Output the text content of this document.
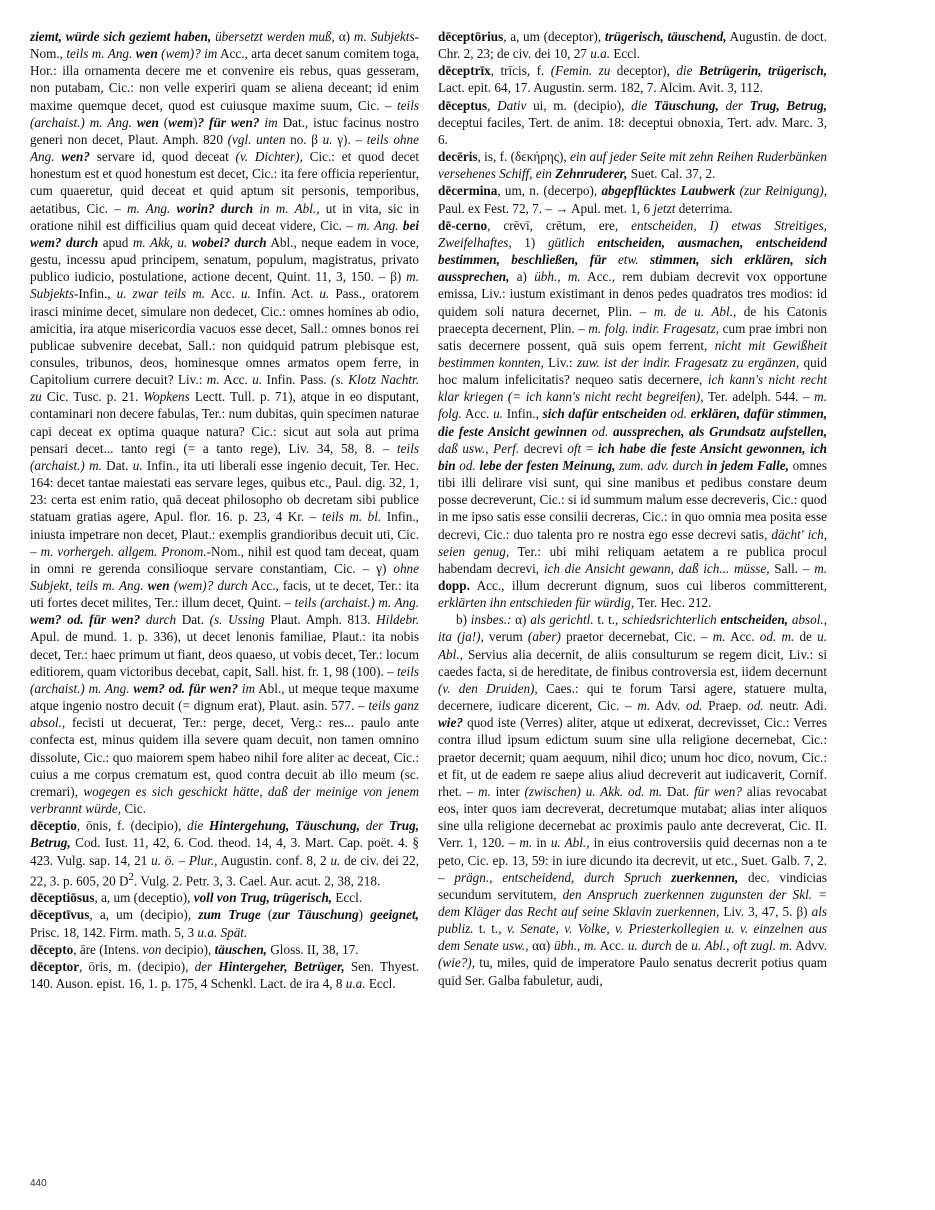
ziemt, würde sich geziemt haben, übersetzt werden muß, α) m. Subjekts-Nom., teils m. Ang. wen (wem)? im Acc., arta decet sanum comitem toga, Hor.: illa ornamenta decere me et convenire eis rebus, quas gesseram, non putabam, Cic.: non velle experiri quam se aliena deceant; id enim maxime quemque decet, quod est cuiusque maxime suum, Cic. – teils (archaist.) m. Ang. wen (wem)? für wen? im Dat., istuc facinus nostro generi non decet, Plaut. Amph. 820 (vgl. unten no. β u. γ). – teils ohne Ang. wen? servare id, quod deceat (v. Dichter), Cic.: et quod decet honestum est et quod honestum est decet, Cic.: ita fere officia reperientur, cum quaeretur, quid deceat et quid aptum sit personis, temporibus, aetatibus, Cic. – m. Ang. worin? durch in m. Abl., ut in vita, sic in oratione nihil est difficilius quam quid deceat videre, Cic. – m. Ang. bei wem? durch apud m. Akk, u. wobei? durch Abl., neque eadem in voce, gestu, incessu apud principem, senatum, populum, magistratus, privato publico iudicio, postulatione, actione decent, Quint. 11, 3, 150. – β) m. Subjekts-Infin., u. zwar teils m. Acc. u. Infin. Act. u. Pass., oratorem irasci minime decet, simulare non dedecet, Cic.: omnes homines ab odio, amicitia, ira atque misericordia vacuos esse decet, Sall.: omnes bonos rei publicae subvenire decebat, Sall.: non quidquid patrum plebisque est, consules, tribunos, deos, hominesque omnes armatos opem ferre, in Capitolium currere decuit? Liv.: m. Acc. u. Infin. Pass. (s. Klotz Nachtr. zu Cic. Tusc. p. 21. Wopkens Lectt. Tull. p. 71), atque in eo disputant, contaminari non decere fabulas, Ter.: num dubitas, quin specimen naturae capi deceat ex optima quaque natura? Cic.: sicut aut sola aut prima pensari decet... tanto regi (= a tanto rege), Liv. 34, 58, 8. – teils (archaist.) m. Dat. u. Infin., ita uti liberali esse ingenio decuit, Ter. Hec. 164: decet tantae maiestati eas servare leges, quibus etc., Paul. dig. 32, 1, 23: certa est enim ratio, quā deceat philosopho ob decretam sibi publice statuam gratias agere, Apul. flor. 16. p. 23, 4 Kr. – teils m. bl. Infin., iniusta impetrare non decet, Plaut.: exemplis grandioribus decuit uti, Cic. – m. vorhergeh. allgem. Pronom.-Nom., nihil est quod tam deceat, quam in omni re gerenda consilioque servare constantiam, Cic. – γ) ohne Subjekt, teils m. Ang. wen (wem)? durch Acc., facis, ut te decet, Ter.: ita uti fortes decet milites, Ter.: illum decet, Quint. – teils (archaist.) m. Ang. wem? od. für wen? durch Dat. (s. Ussing Plaut. Amph. 813. Hildebr. Apul. de mund. 1. p. 336), ut decet lenonis familiae, Plaut.: ita nobis decet, Ter.: haec primum ut fiant, deos quaeso, ut vobis decet, Ter.: locum editiorem, quam victoribus decebat, capit, Sall. hist. fr. 1, 98 (100). – teils (archaist.) m. Ang. wem? od. für wen? im Abl., ut meque teque maxume atque ingenio nostro decuit (= dignum erat), Plaut. asin. 577. – teils ganz absol., fecisti ut decuerat, Ter.: perge, decet, Verg.: res... paulo ante confecta est, minus quidem illa severe quam decuit, non tamen omnino dissolute, Cic.: quo maiorem spem habeo nihil fore aliter ac deceat, Cic.: cuius a me corpus crematum est, quod contra decuit ab illo meum (sc. cremari), wogegen es sich geschickt hätte, daß der meinige von jenem verbrannt würde, Cic.

dēceptio, ōnis, f. (decipio), die Hintergehung, Täuschung, der Trug, Betrug, Cod. Iust. 11, 42, 6. Cod. theod. 14, 4, 3. Mart. Cap. poët. 4. § 423. Vulg. sap. 14, 21 u. ö. – Plur., Augustin. conf. 8, 2 u. de civ. dei 22, 22, 3. p. 605, 20 $D^2$. Vulg. 2. Petr. 3, 3. Cael. Aur. acut. 2, 38, 218.

dēceptiōsus, a, um (deceptio), voll von Trug, trügerisch, Eccl.

dēceptīvus, a, um (decipio), zum Truge (zur Täuschung) geeignet, Prisc. 18, 142. Firm. math. 5, 3 u.a. Spät.

dēcepto, āre (Intens. von decipio), täuschen, Gloss. II, 38, 17.

dēceptor, ōris, m. (decipio), der Hintergeher, Betrüger, Sen. Thyest. 140. Auson. epist. 16, 1. p. 175, 4 Schenkl. Lact. de ira 4, 8 u.a. Eccl.

dēceptōrius, a, um (deceptor), trügerisch, täuschend, Augustin. de doct. Chr. 2, 23; de civ. dei 10, 27 u.a. Eccl.

dēceptrīx, trīcis, f. (Femin. zu deceptor), die Betrügerin, trügerisch, Lact. epit. 64, 17. Augustin. serm. 182, 7. Alcim. Avit. 3, 112.

dēceptus, Dativ ui, m. (decipio), die Täuschung, der Trug, Betrug, deceptui faciles, Tert. de anim. 18: deceptui obnoxia, Tert. adv. Marc. 3, 6.

decēris, is, f. (δεκήρης), ein auf jeder Seite mit zehn Reihen Ruderbänken versehenes Schiff, ein Zehnruderer, Suet. Cal. 37, 2.

dēcermina, um, n. (decerpo), abgepflücktes Laubwerk (zur Reinigung), Paul. ex Fest. 72, 7. – → Apul. met. 1, 6 jetzt deterrima.

dē-cerno, crēvī, crētum, ere, entscheiden, I) etwas Streitiges, Zweifelhaftes, 1) gütlich entscheiden, ausmachen, entscheidend bestimmen, beschließen, für etw. stimmen, sich erklären, sich aussprechen, a) übh., m. Acc., rem dubiam decrevit vox opportune emissa, Liv.: iustum existimant in denos pedes quadratos tres modios: id quidem soli natura decernet, Plin. – m. de u. Abl., de his Catonis praecepta decernent, Plin. – m. folg. indir. Fragesatz, cum prae imbri non satis decernere possent, quā suis opem ferrent, nicht mit Gewißheit bestimmen konnten, Liv.: zuw. ist der indir. Fragesatz zu ergänzen, quid hoc malum infelicitatis? nequeo satis decernere, ich kann's nicht recht klar kriegen (= ich kann's nicht recht begreifen), Ter. adelph. 544. – m. folg. Acc. u. Infin., sich dafür entscheiden od. erklären, dafür stimmen, die feste Ansicht gewinnen od. aussprechen, als Grundsatz aufstellen, daß usw., Perf. decrevi oft = ich habe die feste Ansicht gewonnen, ich bin od. lebe der festen Meinung, zum. adv. durch in jedem Falle, omnes tibi illi delirare visi sunt, qui sine manibus et pedibus constare deum posse decreverunt, Cic.: si id summum malum esse decreveris, Cic.: quod in me ipso satis esse consilii decreras, Cic.: in quo omnia mea posita esse decrevi, Cic.: duo talenta pro re nostra ego esse decrevi satis, dächt' ich, seien genug, Ter.: ubi mihi reliquam aetatem a re publica procul habendam decrevi, ich die Ansicht gewann, daß ich... müsse, Sall. – m. dopp. Acc., illum decrerunt dignum, suos cui liberos committerent, erklärten ihn entschieden für würdig, Ter. Hec. 212.

b) insbes.: α) als gerichtl. t. t., schiedsrichterlich entscheiden, absol., ita (ja!), verum (aber) praetor decernebat, Cic. – m. Acc. od. m. de u. Abl., Servius alia decernit, de aliis consulturum se regem dicit, Liv.: si caedes facta, si de hereditate, de finibus controversia est, iidem decernunt (v. den Druiden), Caes.: qui te forum Tarsi agere, statuere multa, decernere, iudicare dicerent, Cic. – m. Adv. od. Praep. od. neutr. Adi. wie? quod iste (Verres) aliter, atque ut edixerat, decrevisset, Cic.: Verres contra illud ipsum edictum suum sine ulla religione decernebat, Cic.: praetor decernit; quam aequum, nihil dico; unum hoc dico, novum, Cic.: et fit, ut de eadem re saepe alius aliud decreverit aut iudicaverit, Cornif. rhet. – m. inter (zwischen) u. Akk. od. m. Dat. für wen? alias revocabat eos, inter quos iam decreverat, decretumque mutabat; alias inter aliquos sine ulla religione decernebat ac proximis paulo ante decreverat, Cic. II. Verr. 1, 120. – m. in u. Abl., in eius controversiis quid decernas non a te peto, Cic. ep. 13, 59: in iure dicundo ita decrevit, ut etc., Suet. Galb. 7, 2. – prägn., entscheidend, durch Spruch zuerkennen, dec. vindicias secundum servitutem, den Anspruch zuerkennen zugunsten der Skl. = dem Kläger das Recht auf seine Sklavin zuerkennen, Liv. 3, 47, 5. β) als publiz. t. t., v. Senate, v. Volke, v. Priesterkollegien u. v. einzelnen aus dem Senate usw., αα) übh., m. Acc. u. durch de u. Abl., oft zugl. m. Advv. (wie?), tu, miles, quid de imperatore Paulo senatus decrerit potius quam quid Ser. Galba fabuletur, audi,

440
